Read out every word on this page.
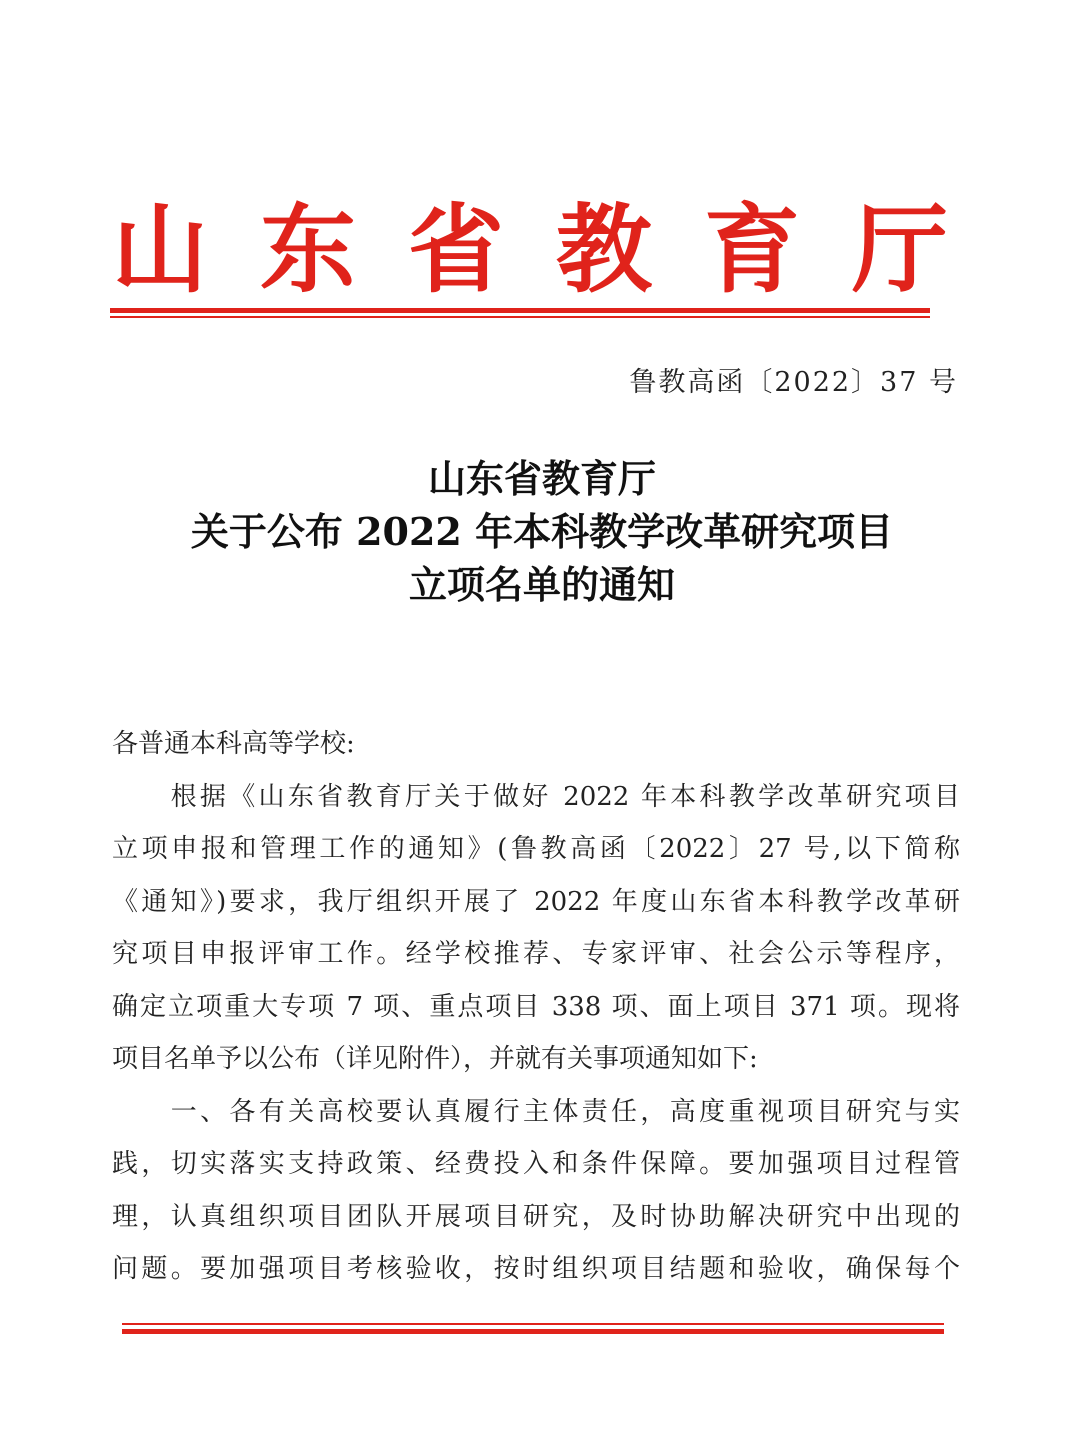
山 东 省 教 育 厅
鲁教高函〔2022〕37 号
山东省教育厅
关于公布 2022 年本科教学改革研究项目
立项名单的通知
各普通本科高等学校:
　　根据《山东省教育厅关于做好 2022 年本科教学改革研究项目
立项申报和管理工作的通知》(鲁教高函〔2022〕27 号,以下简称
《通知》)要求，我厅组织开展了 2022 年度山东省本科教学改革研
究项目申报评审工作。经学校推荐、专家评审、社会公示等程序，
确定立项重大专项 7 项、重点项目 338 项、面上项目 371 项。现将
项目名单予以公布（详见附件），并就有关事项通知如下:
　　一、各有关高校要认真履行主体责任，高度重视项目研究与实
践，切实落实支持政策、经费投入和条件保障。要加强项目过程管
理，认真组织项目团队开展项目研究，及时协助解决研究中出现的
问题。要加强项目考核验收，按时组织项目结题和验收，确保每个
